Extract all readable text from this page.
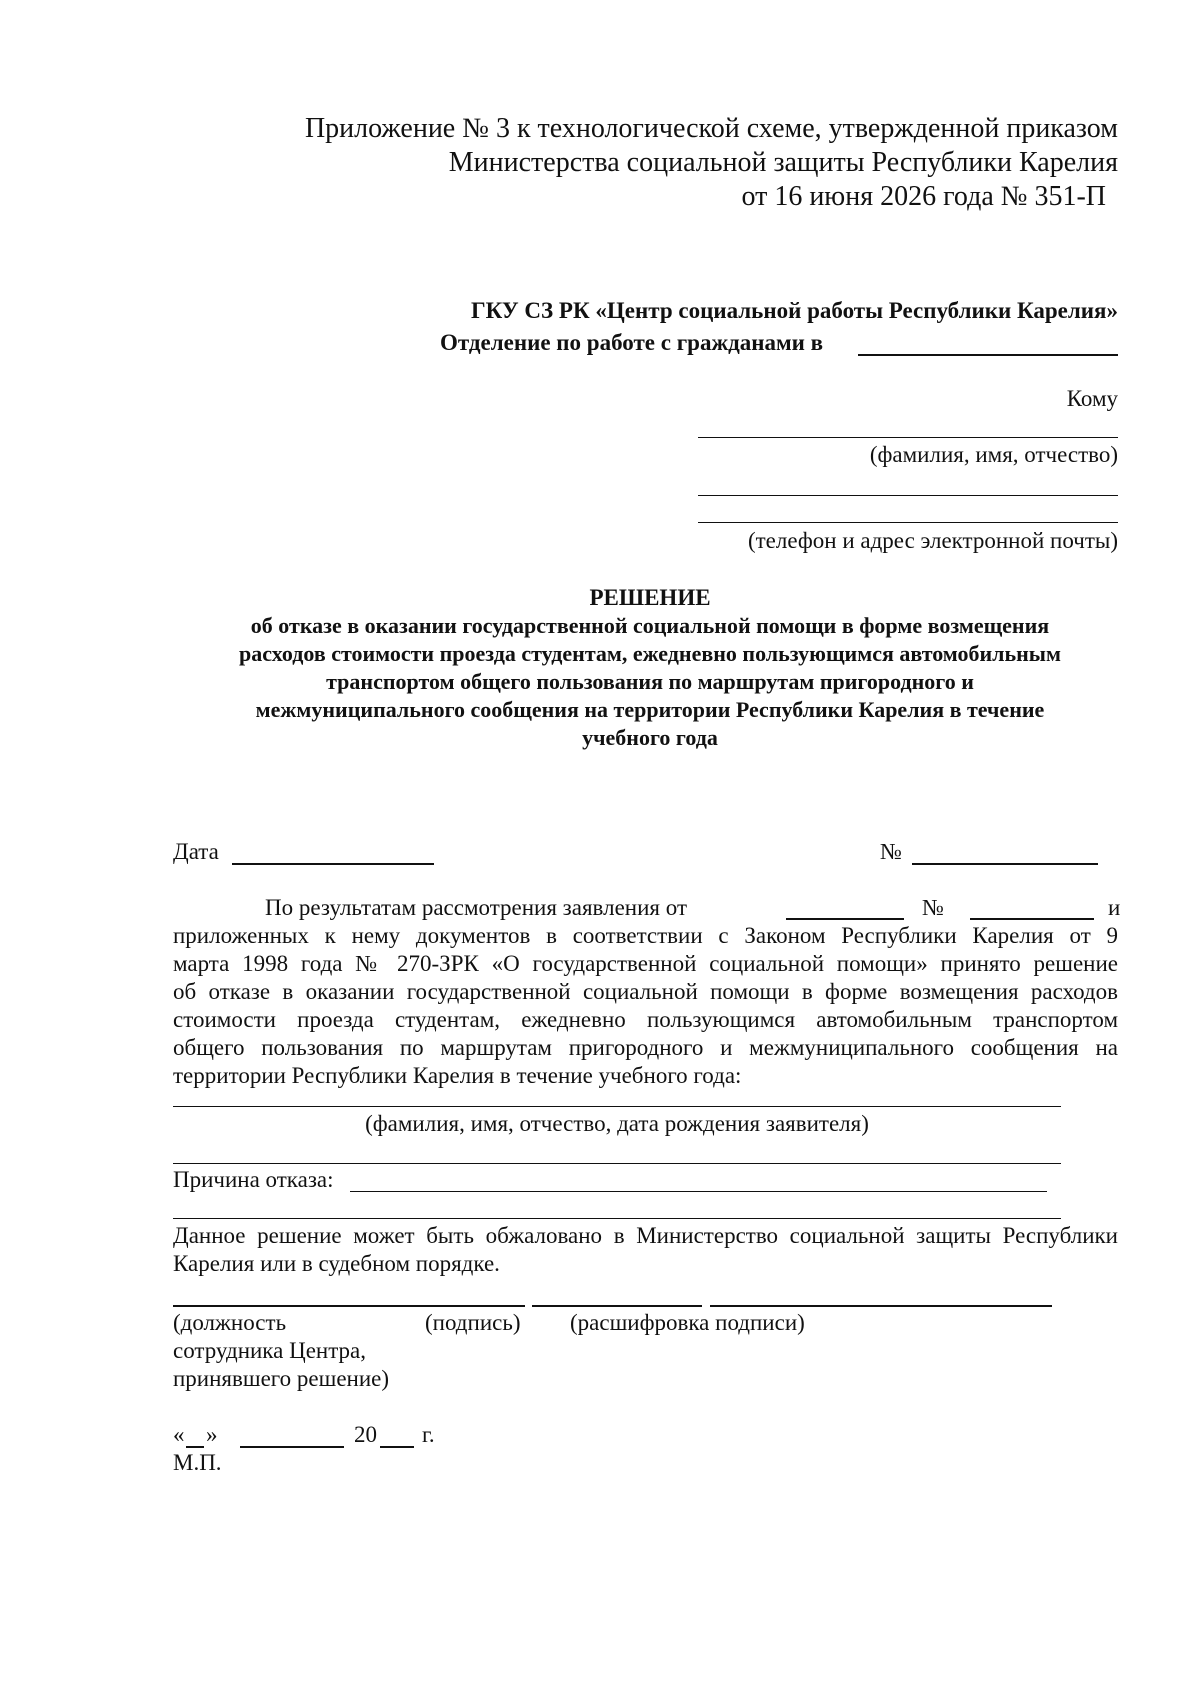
Приложение № 3 к технологической схеме, утвержденной приказом
Министерства социальной защиты Республики Карелия
от 16 июня 2026 года № 351-П
ГКУ СЗ РК «Центр социальной работы Республики Карелия»
Отделение по работе с гражданами в
Кому
(фамилия, имя, отчество)
(телефон и адрес электронной почты)
РЕШЕНИЕ
об отказе в оказании государственной социальной помощи в форме возмещения
расходов стоимости проезда студентам, ежедневно пользующимся автомобильным
транспортом общего пользования по маршрутам пригородного и
межмуниципального сообщения на территории Республики Карелия в течение
учебного года
Дата	№
По результатам рассмотрения заявления от	№	и
приложенных к нему документов в соответствии с Законом Республики Карелия от 9
марта 1998 года № 270-ЗРК «О государственной социальной помощи» принято решение
об отказе в оказании государственной социальной помощи в форме возмещения расходов
стоимости проезда студентам, ежедневно пользующимся автомобильным транспортом
общего пользования по маршрутам пригородного и межмуниципального сообщения на
территории Республики Карелия в течение учебного года:
(фамилия, имя, отчество, дата рождения заявителя)
Причина отказа:
Данное решение может быть обжаловано в Министерство социальной защиты Республики
Карелия или в судебном порядке.
(должность
сотрудника Центра,
принявшего решение)
(подпись) (расшифровка подписи)
« »	20 г.
М.П.
